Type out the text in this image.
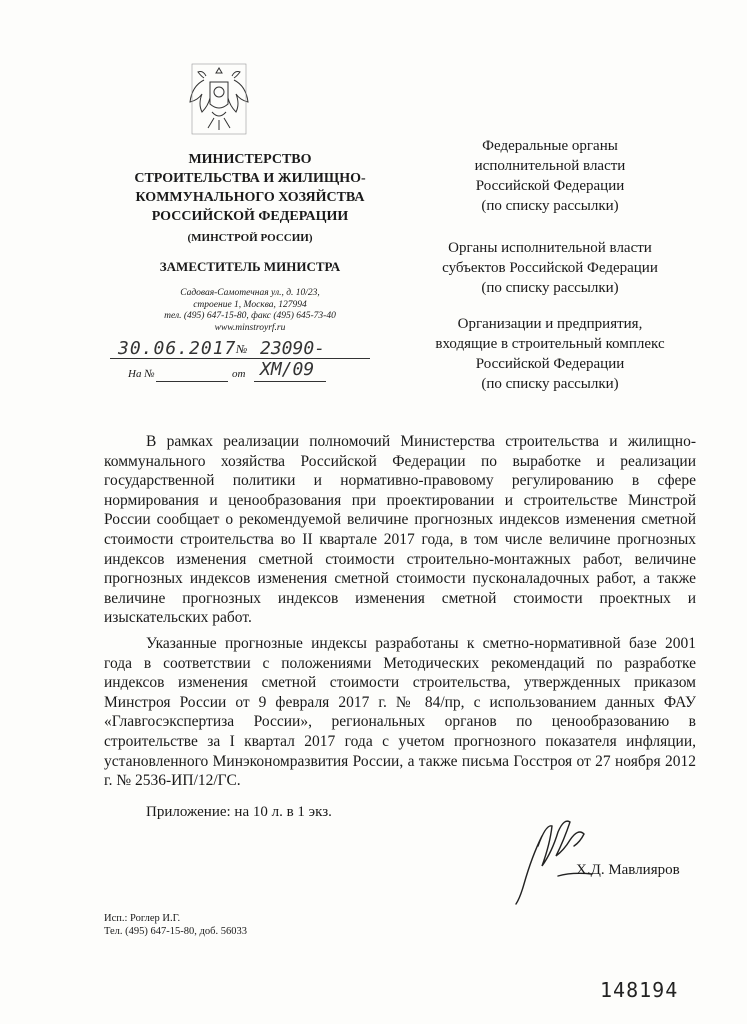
МИНИСТЕРСТВО
СТРОИТЕЛЬСТВА И ЖИЛИЩНО-
КОММУНАЛЬНОГО ХОЗЯЙСТВА
РОССИЙСКОЙ ФЕДЕРАЦИИ
(МИНСТРОЙ РОССИИ)
ЗАМЕСТИТЕЛЬ МИНИСТРА
Садовая-Самотечная ул., д. 10/23,
строение 1, Москва, 127994
тел. (495) 647-15-80, факс (495) 645-73-40
www.minstroyrf.ru
30.06.2017 № 23090-ХМ/09
На №	от
Федеральные органы
исполнительной власти
Российской Федерации
(по списку рассылки)
Органы исполнительной власти
субъектов Российской Федерации
(по списку рассылки)
Организации и предприятия,
входящие в строительный комплекс
Российской Федерации
(по списку рассылки)

В рамках реализации полномочий Министерства строительства и жилищно-коммунального хозяйства Российской Федерации по выработке и реализации государственной политики и нормативно-правовому регулированию в сфере нормирования и ценообразования при проектировании и строительстве Минстрой России сообщает о рекомендуемой величине прогнозных индексов изменения сметной стоимости строительства во II квартале 2017 года, в том числе величине прогнозных индексов изменения сметной стоимости строительно-монтажных работ, величине прогнозных индексов изменения сметной стоимости пусконаладочных работ, а также величине прогнозных индексов изменения сметной стоимости проектных и изыскательских работ.

Указанные прогнозные индексы разработаны к сметно-нормативной базе 2001 года в соответствии с положениями Методических рекомендаций по разработке индексов изменения сметной стоимости строительства, утвержденных приказом Минстроя России от 9 февраля 2017 г. № 84/пр, с использованием данных ФАУ «Главгосэкспертиза России», региональных органов по ценообразованию в строительстве за I квартал 2017 года с учетом прогнозного показателя инфляции, установленного Минэкономразвития России, а также письма Госстроя от 27 ноября 2012 г. № 2536-ИП/12/ГС.

Приложение: на 10 л. в 1 экз.
Х.Д. Мавлияров
Исп.: Роглер И.Г.
Тел. (495) 647-15-80, доб. 56033
148194
